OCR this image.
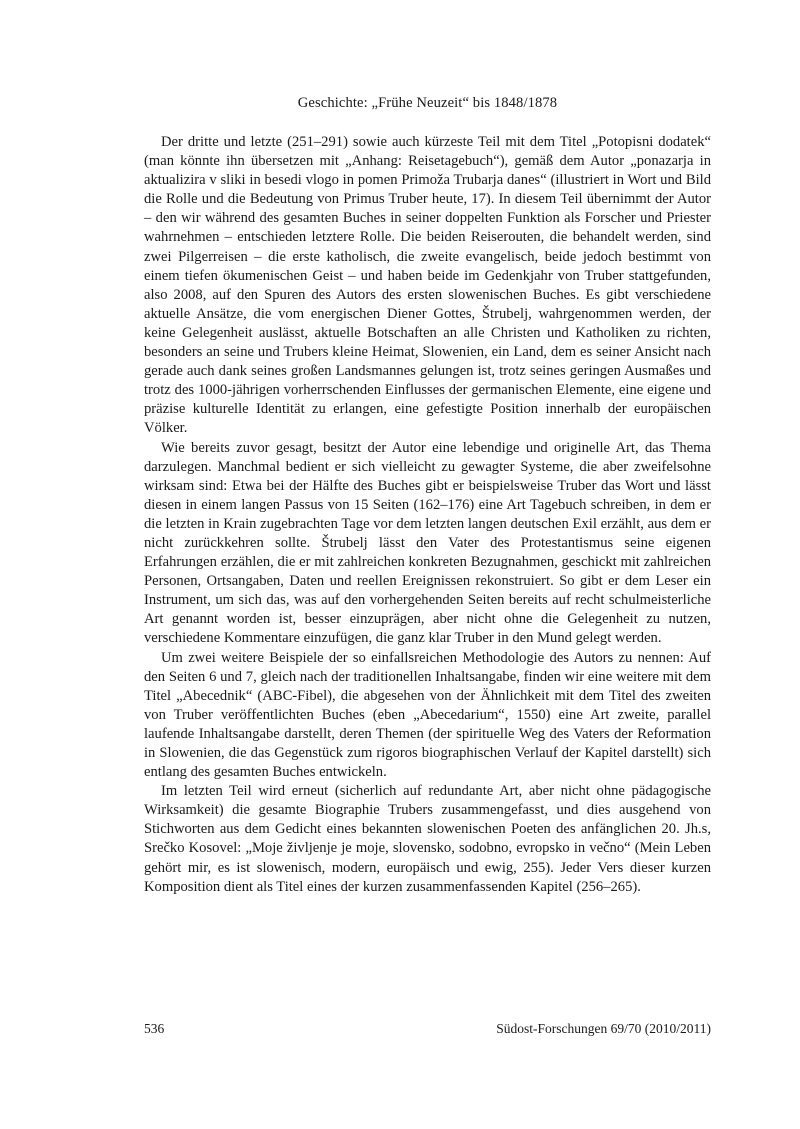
Geschichte: „Frühe Neuzeit“ bis 1848/1878

Der dritte und letzte (251–291) sowie auch kürzeste Teil mit dem Titel „Potopisni dodatek“ (man könnte ihn übersetzen mit „Anhang: Reisetagebuch“), gemäß dem Autor „ponazarja in aktualizira v sliki in besedi vlogo in pomen Primoža Trubarja danes“ (illustriert in Wort und Bild die Rolle und die Bedeutung von Primus Truber heute, 17). In diesem Teil übernimmt der Autor – den wir während des gesamten Buches in seiner doppelten Funktion als Forscher und Priester wahrnehmen – entschieden letztere Rolle. Die beiden Reiserouten, die behandelt werden, sind zwei Pilgerreisen – die erste katholisch, die zweite evangelisch, beide jedoch bestimmt von einem tiefen ökumenischen Geist – und haben beide im Gedenkjahr von Truber stattgefunden, also 2008, auf den Spuren des Autors des ersten slowenischen Buches. Es gibt verschiedene aktuelle Ansätze, die vom energischen Diener Gottes, Štrubelj, wahrgenommen werden, der keine Gelegenheit auslässt, aktuelle Botschaften an alle Christen und Katholiken zu richten, besonders an seine und Trubers kleine Heimat, Slowenien, ein Land, dem es seiner Ansicht nach gerade auch dank seines großen Landsmannes gelungen ist, trotz seines geringen Ausmaßes und trotz des 1000-jährigen vorherrschenden Einflusses der germanischen Elemente, eine eigene und präzise kulturelle Identität zu erlangen, eine gefestigte Position innerhalb der europäischen Völker.

Wie bereits zuvor gesagt, besitzt der Autor eine lebendige und originelle Art, das Thema darzulegen. Manchmal bedient er sich vielleicht zu gewagter Systeme, die aber zweifelsohne wirksam sind: Etwa bei der Hälfte des Buches gibt er beispielsweise Truber das Wort und lässt diesen in einem langen Passus von 15 Seiten (162–176) eine Art Tagebuch schreiben, in dem er die letzten in Krain zugebrachten Tage vor dem letzten langen deutschen Exil erzählt, aus dem er nicht zurückkehren sollte. Štrubelj lässt den Vater des Protestantismus seine eigenen Erfahrungen erzählen, die er mit zahlreichen konkreten Bezugnahmen, geschickt mit zahlreichen Personen, Ortsangaben, Daten und reellen Ereignissen rekonstruiert. So gibt er dem Leser ein Instrument, um sich das, was auf den vorhergehenden Seiten bereits auf recht schulmeisterliche Art genannt worden ist, besser einzuprägen, aber nicht ohne die Gelegenheit zu nutzen, verschiedene Kommentare einzufügen, die ganz klar Truber in den Mund gelegt werden.

Um zwei weitere Beispiele der so einfallsreichen Methodologie des Autors zu nennen: Auf den Seiten 6 und 7, gleich nach der traditionellen Inhaltsangabe, finden wir eine weitere mit dem Titel „Abecednik“ (ABC-Fibel), die abgesehen von der Ähnlichkeit mit dem Titel des zweiten von Truber veröffentlichten Buches (eben „Abecedarium“, 1550) eine Art zweite, parallel laufende Inhaltsangabe darstellt, deren Themen (der spirituelle Weg des Vaters der Reformation in Slowenien, die das Gegenstück zum rigoros biographischen Verlauf der Kapitel darstellt) sich entlang des gesamten Buches entwickeln.

Im letzten Teil wird erneut (sicherlich auf redundante Art, aber nicht ohne pädagogische Wirksamkeit) die gesamte Biographie Trubers zusammengefasst, und dies ausgehend von Stichworten aus dem Gedicht eines bekannten slowenischen Poeten des anfänglichen 20. Jh.s, Srečko Kosovel: „Moje življenje je moje, slovensko, sodobno, evropsko in večno“ (Mein Leben gehört mir, es ist slowenisch, modern, europäisch und ewig, 255). Jeder Vers dieser kurzen Komposition dient als Titel eines der kurzen zusammenfassenden Kapitel (256–265).

536	Südost-Forschungen 69/70 (2010/2011)
